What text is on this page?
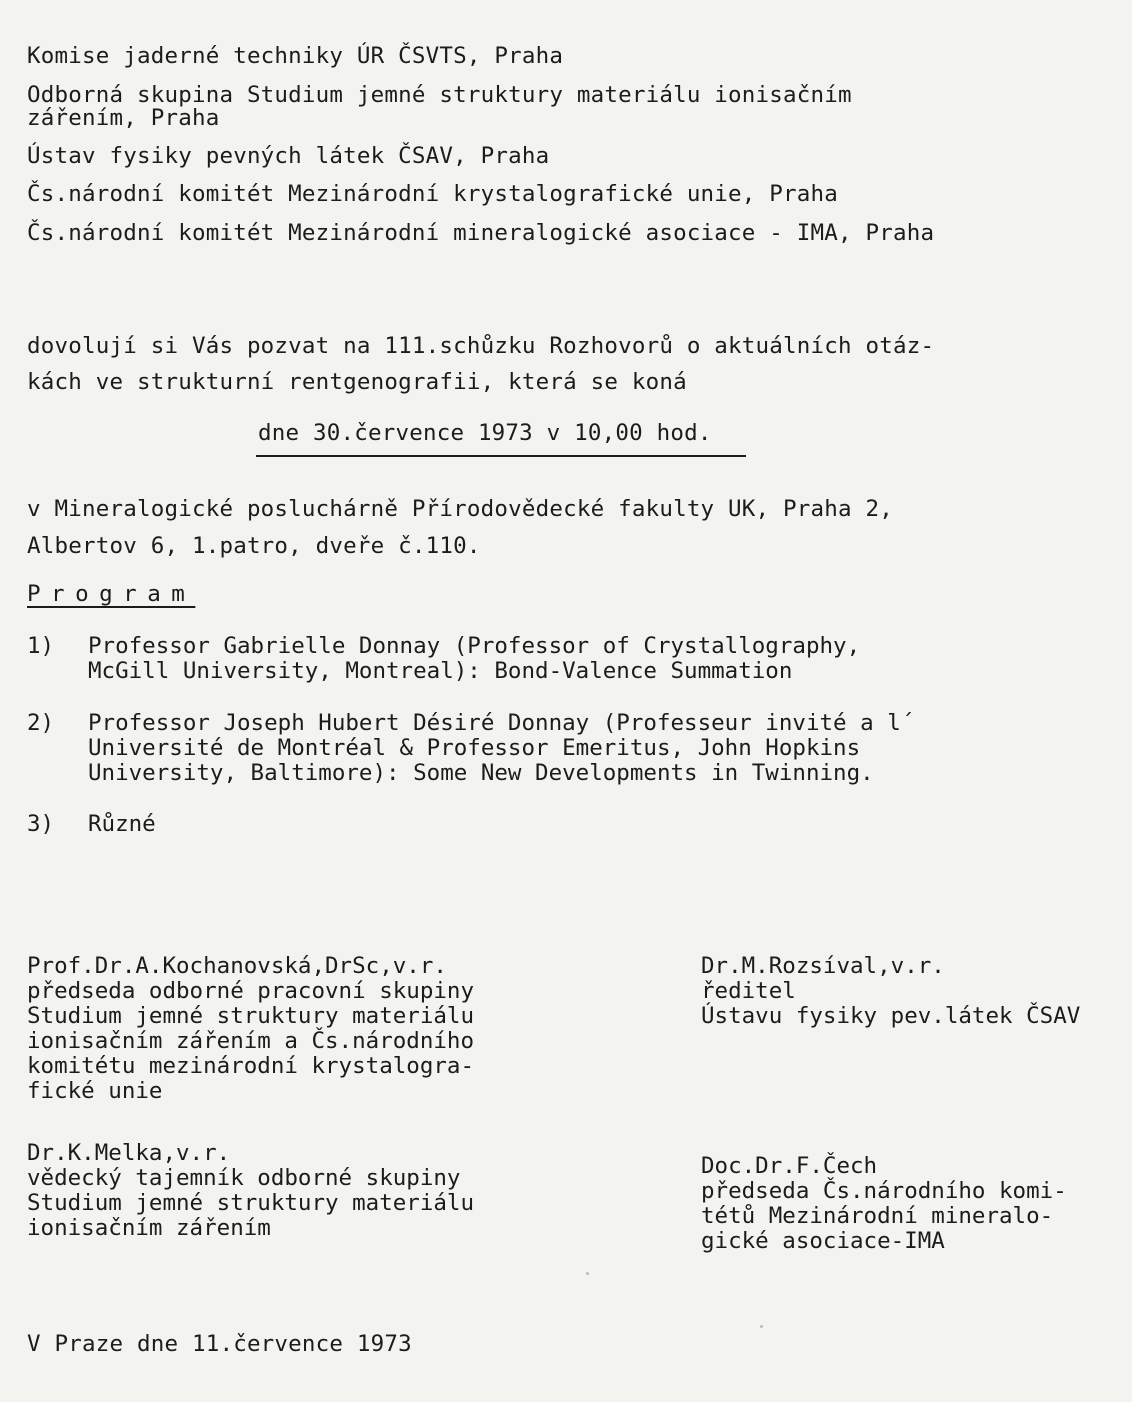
Komise jaderné techniky ÚR ČSVTS, Praha
Odborná skupina Studium jemné struktury materiálu ionisačním
zářením, Praha
Ústav fysiky pevných látek ČSAV, Praha
Čs.národní komitét Mezinárodní krystalografické unie, Praha
Čs.národní komitét Mezinárodní mineralogické asociace - IMA, Praha
dovolují si Vás pozvat na 111.schůzku Rozhovorů o aktuálních otáz-
kách ve strukturní rentgenografii, která se koná
dne 30.července 1973 v 10,00 hod.
v Mineralogické posluchárně Přírodovědecké fakulty UK, Praha 2,
Albertov 6, 1.patro, dveře č.110.
Program
1) Professor Gabrielle Donnay (Professor of Crystallography,
McGill University, Montreal): Bond-Valence Summation
2) Professor Joseph Hubert Désiré Donnay (Professeur invité a l´
Université de Montréal & Professor Emeritus, John Hopkins
University, Baltimore): Some New Developments in Twinning.
3) Různé
Prof.Dr.A.Kochanovská,DrSc,v.r.
předseda odborné pracovní skupiny
Studium jemné struktury materiálu
ionisačním zářením a Čs.národního
komitétu mezinárodní krystalogra-
fické unie
Dr.M.Rozsíval,v.r.
ředitel
Ústavu fysiky pev.látek ČSAV
Dr.K.Melka,v.r.
vědecký tajemník odborné skupiny
Studium jemné struktury materiálu
ionisačním zářením
Doc.Dr.F.Čech
předseda Čs.národního komi-
tétů Mezinárodní mineralo-
gické asociace-IMA
V Praze dne 11.července 1973
